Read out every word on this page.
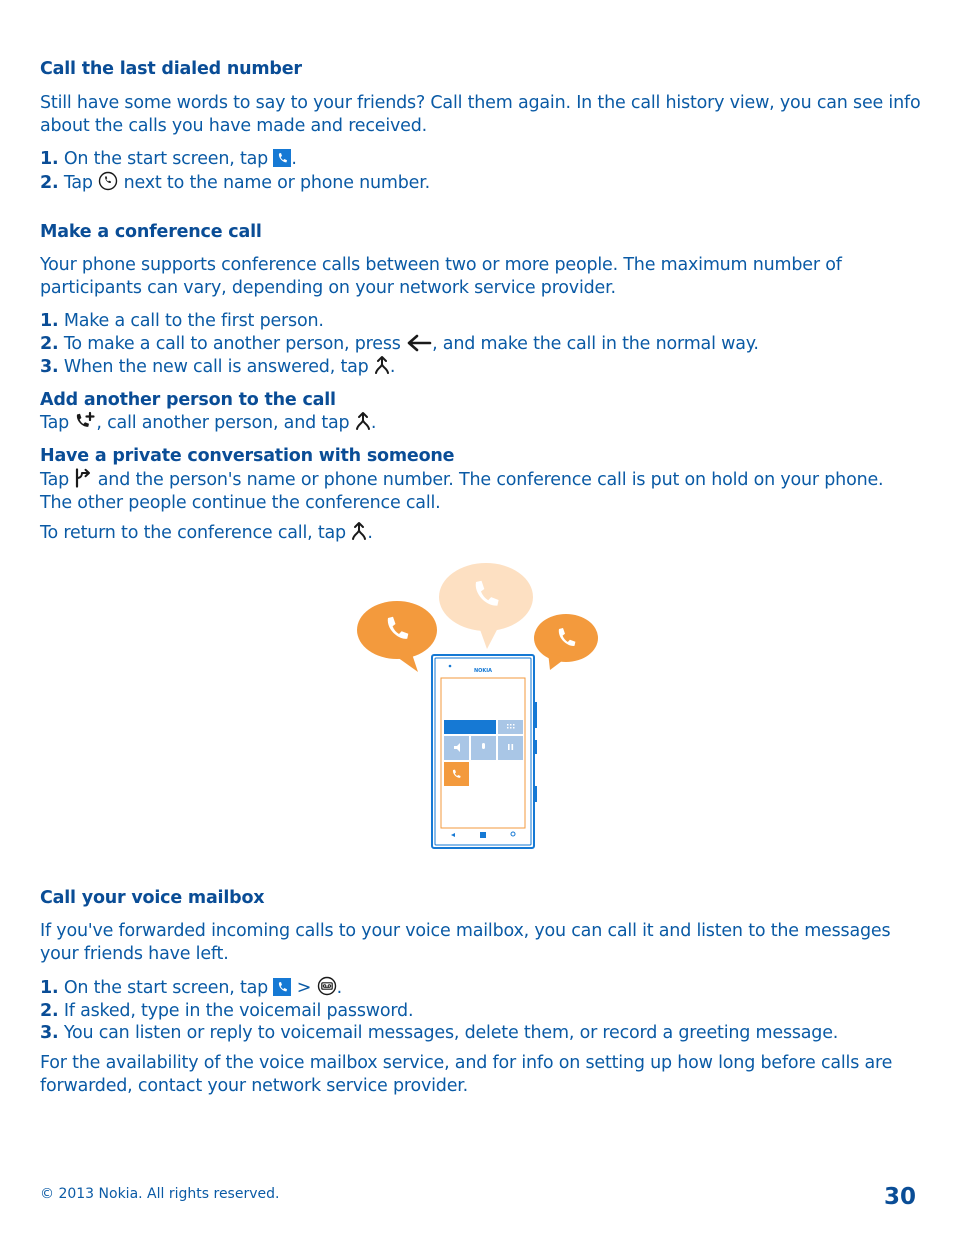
Call the last dialed number
Still have some words to say to your friends? Call them again. In the call history view, you can see info
about the calls you have made and received.
1. On the start screen, tap .
2. Tap next to the name or phone number.
Make a conference call
Your phone supports conference calls between two or more people. The maximum number of
participants can vary, depending on your network service provider.
1. Make a call to the first person.
2. To make a call to another person, press , and make the call in the normal way.
3. When the new call is answered, tap .
Add another person to the call
Tap , call another person, and tap .
Have a private conversation with someone
Tap and the person's name or phone number. The conference call is put on hold on your phone.
The other people continue the conference call.
To return to the conference call, tap .
NOKIA
Call your voice mailbox
If you've forwarded incoming calls to your voice mailbox, you can call it and listen to the messages
your friends have left.
1. On the start screen, tap > .
2. If asked, type in the voicemail password.
3. You can listen or reply to voicemail messages, delete them, or record a greeting message.
For the availability of the voice mailbox service, and for info on setting up how long before calls are
forwarded, contact your network service provider.
© 2013 Nokia. All rights reserved.	30
